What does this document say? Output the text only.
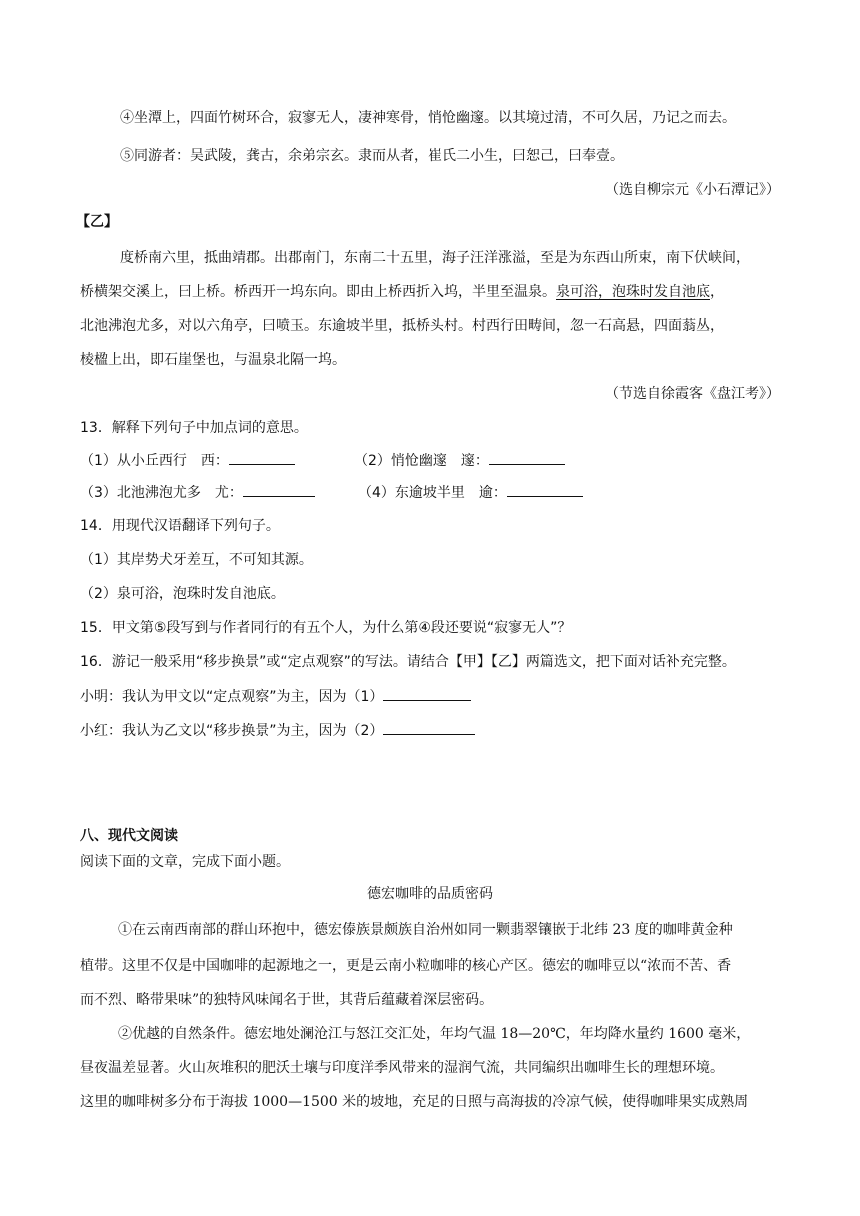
④坐潭上，四面竹树环合，寂寥无人，凄神寒骨，悄怆幽邃。以其境过清，不可久居，乃记之而去。
⑤同游者：吴武陵，龚古，余弟宗玄。隶而从者，崔氏二小生，曰恕己，曰奉壹。
（选自柳宗元《小石潭记》）
【乙】
度桥南六里，抵曲靖郡。出郡南门，东南二十五里，海子汪洋涨溢，至是为东西山所束，南下伏峡间，
桥横架交溪上，曰上桥。桥西开一坞东向。即由上桥西折入坞，半里至温泉。泉可浴，泡珠时发自池底，
北池沸泡尤多，对以六角亭，曰喷玉。东逾坡半里，抵桥头村。村西行田畴间，忽一石高悬，四面蓊丛，
棱楹上出，即石崖堡也，与温泉北隔一坞。
（节选自徐霞客《盘江考》）
13．解释下列句子中加点词的意思。
（1）从小丘西行　西：	（2）悄怆幽邃　邃：
（3）北池沸泡尤多　尤：	（4）东逾坡半里　逾：
14．用现代汉语翻译下列句子。
（1）其岸势犬牙差互，不可知其源。
（2）泉可浴，泡珠时发自池底。
15．甲文第⑤段写到与作者同行的有五个人，为什么第④段还要说“寂寥无人”？
16．游记一般采用“移步换景”或“定点观察”的写法。请结合【甲】【乙】两篇选文，把下面对话补充完整。
小明：我认为甲文以“定点观察”为主，因为（1）
小红：我认为乙文以“移步换景”为主，因为（2）
八、现代文阅读
阅读下面的文章，完成下面小题。
德宏咖啡的品质密码
①在云南西南部的群山环抱中，德宏傣族景颇族自治州如同一颗翡翠镶嵌于北纬 23 度的咖啡黄金种
植带。这里不仅是中国咖啡的起源地之一，更是云南小粒咖啡的核心产区。德宏的咖啡豆以“浓而不苦、香
而不烈、略带果味”的独特风味闻名于世，其背后蕴藏着深层密码。
②优越的自然条件。德宏地处澜沧江与怒江交汇处，年均气温 18—20℃，年均降水量约 1600 毫米，
昼夜温差显著。火山灰堆积的肥沃土壤与印度洋季风带来的湿润气流，共同编织出咖啡生长的理想环境。
这里的咖啡树多分布于海拔 1000—1500 米的坡地，充足的日照与高海拔的冷凉气候，使得咖啡果实成熟周
